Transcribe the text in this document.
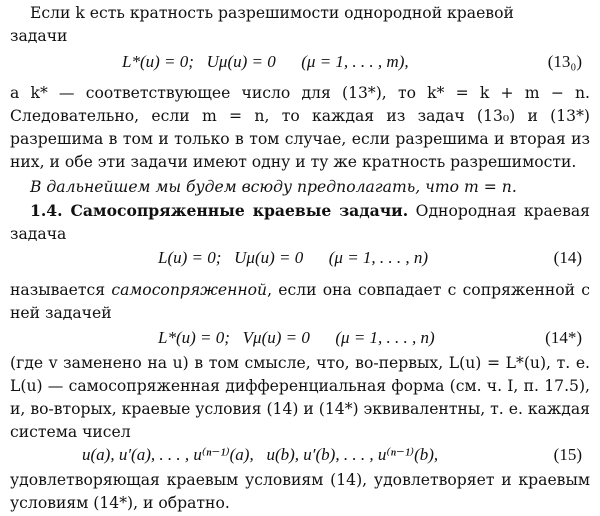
Если k есть кратность разрешимости однородной краевой
задачи
L*(u) = 0;   Uμ(u) = 0      (μ = 1, . . . , m),	(13₀)
а k* — соответствующее число для (13*), то k* = k + m − n. Следовательно, если m = n, то каждая из задач (13₀) и (13*) разрешима в том и только в том случае, если разрешима и вторая из них, и обе эти задачи имеют одну и ту же кратность разрешимости.
В дальнейшем мы будем всюду предполагать, что m = n.
1.4. Самосопряженные краевые задачи. Однородная краевая задача
L(u) = 0;   Uμ(u) = 0      (μ = 1, . . . , n)	(14)
называется самосопряженной, если она совпадает с сопряженной с ней задачей
L*(u) = 0;   Vμ(u) = 0      (μ = 1, . . . , n)	(14*)
(где v заменено на u) в том смысле, что, во-первых, L(u) = L*(u), т. е. L(u) — самосопряженная дифференциальная форма (см. ч. I, п. 17.5), и, во-вторых, краевые условия (14) и (14*) эквивалентны, т. е. каждая система чисел
u(a), u′(a), . . . , u⁽ⁿ⁻¹⁾(a),   u(b), u′(b), . . . , u⁽ⁿ⁻¹⁾(b),	(15)
удовлетворяющая краевым условиям (14), удовлетворяет и краевым условиям (14*), и обратно.
